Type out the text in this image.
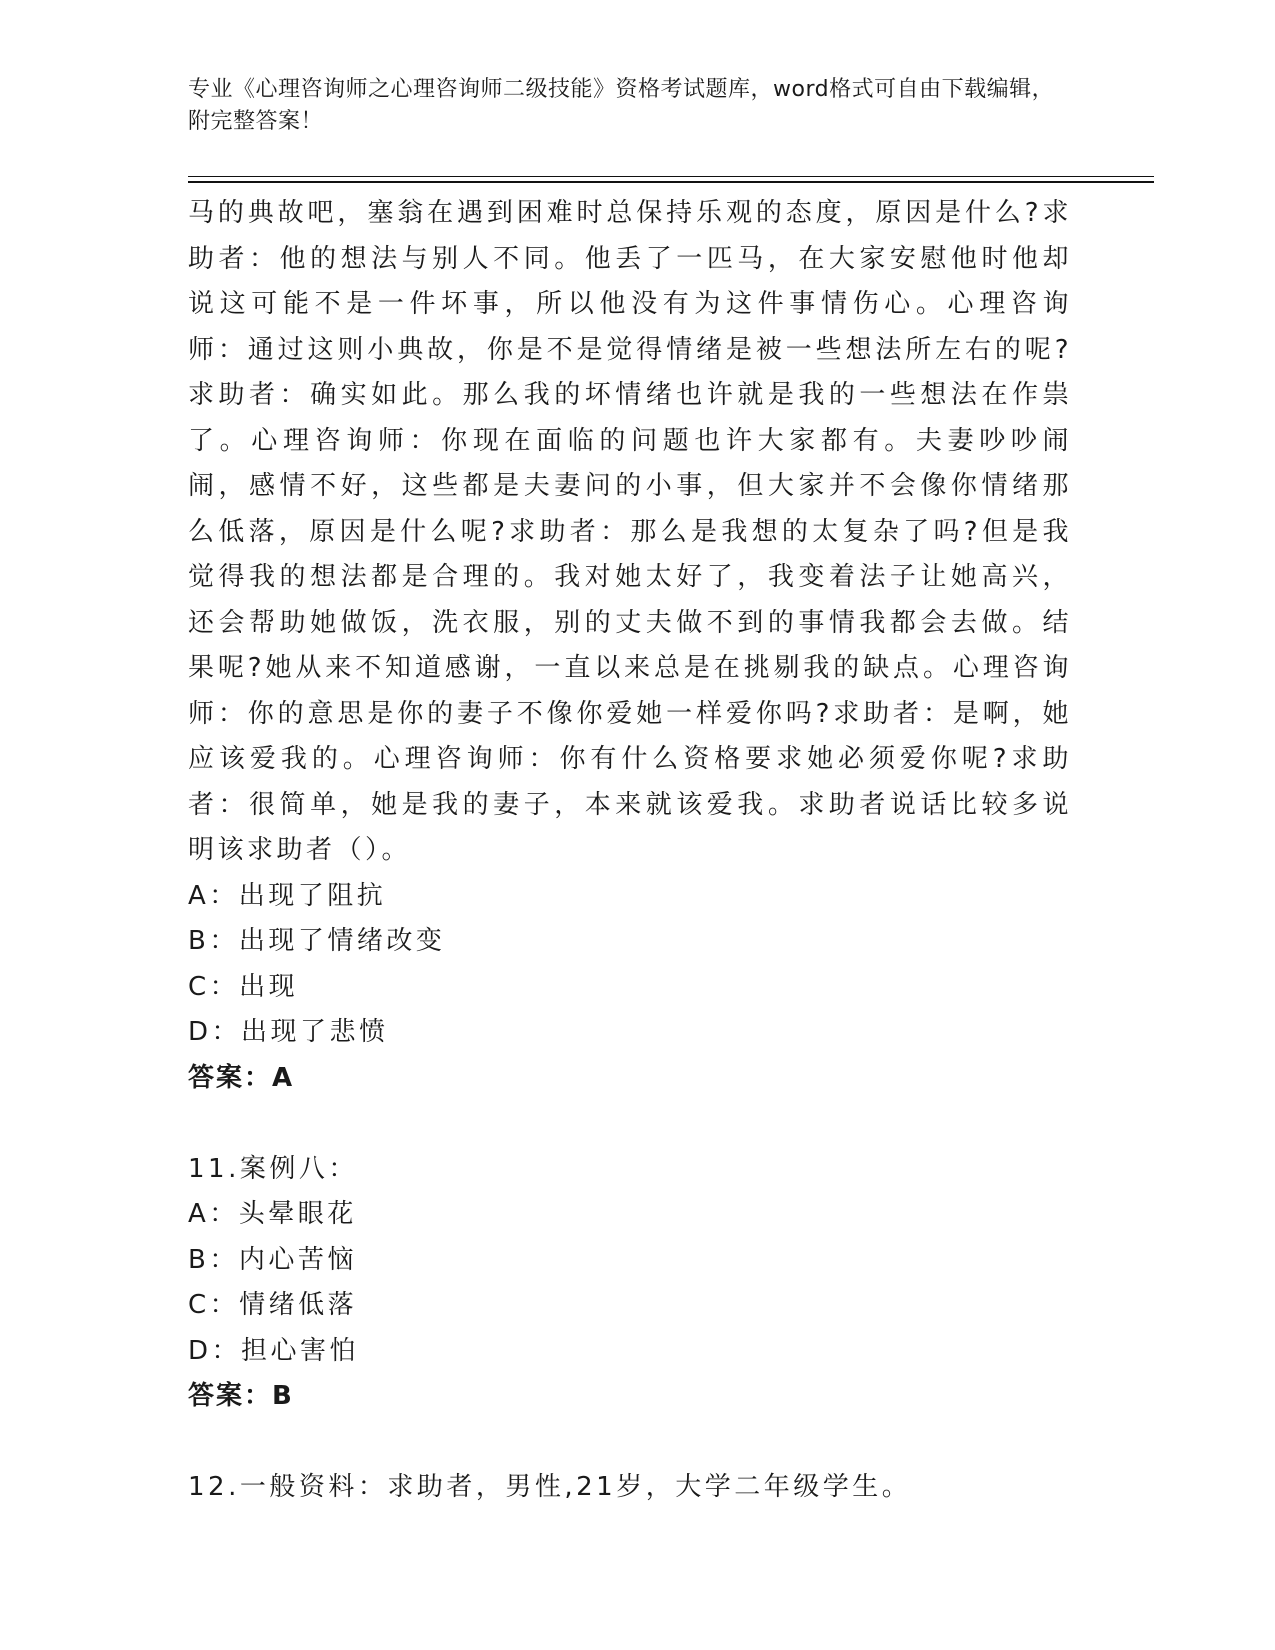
专业《心理咨询师之心理咨询师二级技能》资格考试题库，word格式可自由下载编辑，附完整答案！

马的典故吧，塞翁在遇到困难时总保持乐观的态度，原因是什么?求助者：他的想法与别人不同。他丢了一匹马，在大家安慰他时他却说这可能不是一件坏事，所以他没有为这件事情伤心。心理咨询师：通过这则小典故，你是不是觉得情绪是被一些想法所左右的呢?求助者：确实如此。那么我的坏情绪也许就是我的一些想法在作祟了。心理咨询师：你现在面临的问题也许大家都有。夫妻吵吵闹闹，感情不好，这些都是夫妻问的小事，但大家并不会像你情绪那么低落，原因是什么呢?求助者：那么是我想的太复杂了吗?但是我觉得我的想法都是合理的。我对她太好了，我变着法子让她高兴，还会帮助她做饭，洗衣服，别的丈夫做不到的事情我都会去做。结果呢?她从来不知道感谢，一直以来总是在挑剔我的缺点。心理咨询师：你的意思是你的妻子不像你爱她一样爱你吗?求助者：是啊，她应该爱我的。心理咨询师：你有什么资格要求她必须爱你呢?求助者：很简单，她是我的妻子，本来就该爱我。求助者说话比较多说明该求助者（）。

A：出现了阻抗

B：出现了情绪改变

C：出现

D：出现了悲愤

答案：A

11.案例八：

A：头晕眼花

B：内心苦恼

C：情绪低落

D：担心害怕

答案：B

12.一般资料：求助者，男性,21岁，大学二年级学生。
